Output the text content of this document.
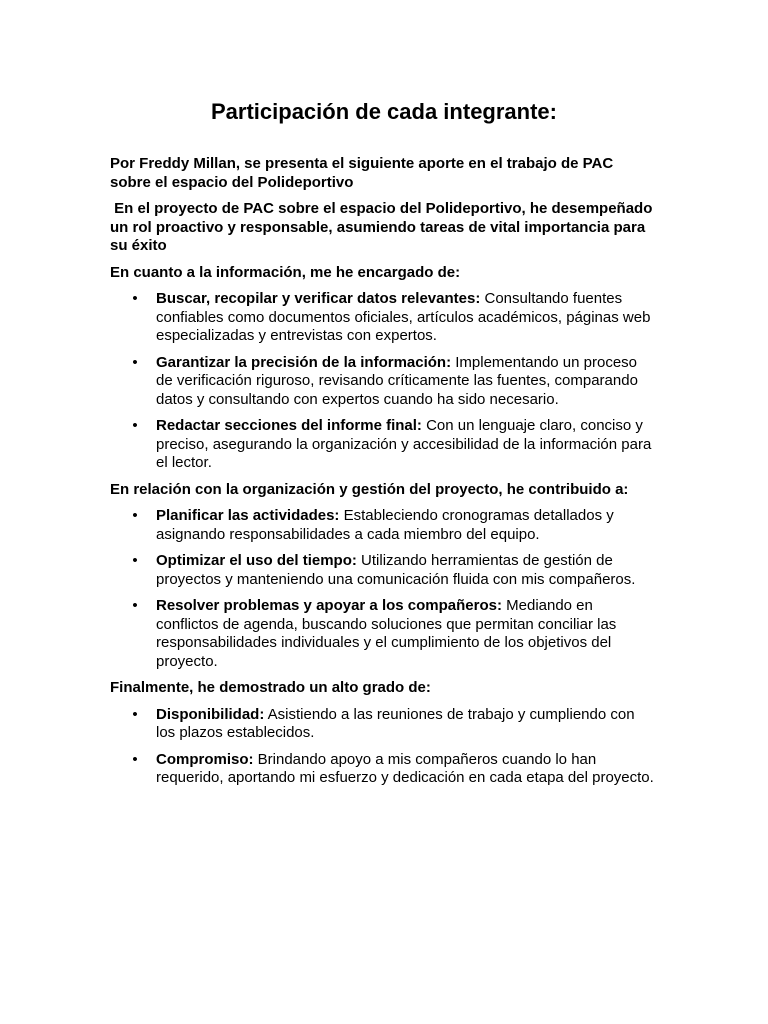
Participación de cada integrante:

Por Freddy Millan, se presenta el siguiente aporte en el trabajo de PAC sobre el espacio del Polideportivo

En el proyecto de PAC sobre el espacio del Polideportivo, he desempeñado un rol proactivo y responsable, asumiendo tareas de vital importancia para su éxito

En cuanto a la información, me he encargado de:

• Buscar, recopilar y verificar datos relevantes: Consultando fuentes confiables como documentos oficiales, artículos académicos, páginas web especializadas y entrevistas con expertos.
• Garantizar la precisión de la información: Implementando un proceso de verificación riguroso, revisando críticamente las fuentes, comparando datos y consultando con expertos cuando ha sido necesario.
• Redactar secciones del informe final: Con un lenguaje claro, conciso y preciso, asegurando la organización y accesibilidad de la información para el lector.

En relación con la organización y gestión del proyecto, he contribuido a:

• Planificar las actividades: Estableciendo cronogramas detallados y asignando responsabilidades a cada miembro del equipo.
• Optimizar el uso del tiempo: Utilizando herramientas de gestión de proyectos y manteniendo una comunicación fluida con mis compañeros.
• Resolver problemas y apoyar a los compañeros: Mediando en conflictos de agenda, buscando soluciones que permitan conciliar las responsabilidades individuales y el cumplimiento de los objetivos del proyecto.

Finalmente, he demostrado un alto grado de:

• Disponibilidad: Asistiendo a las reuniones de trabajo y cumpliendo con los plazos establecidos.
• Compromiso: Brindando apoyo a mis compañeros cuando lo han requerido, aportando mi esfuerzo y dedicación en cada etapa del proyecto.
